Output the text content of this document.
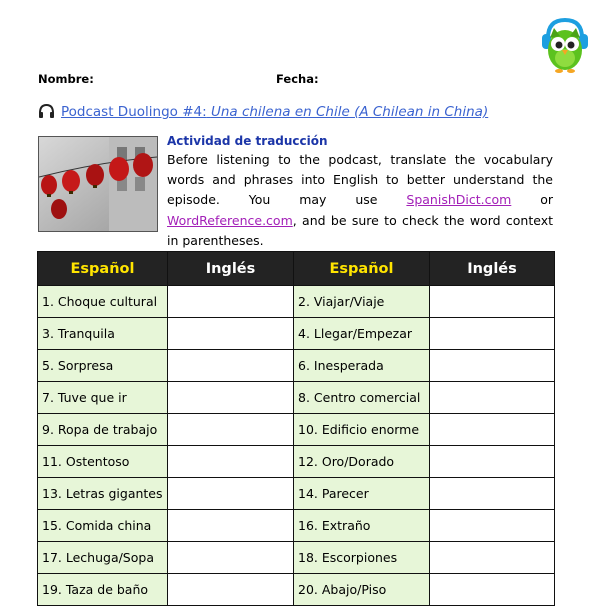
Nombre:	Fecha:
Podcast Duolingo #4: Una chilena en Chile (A Chilean in China)
Actividad de traducción
Before listening to the podcast, translate the vocabulary words and phrases into English to better understand the episode. You may use SpanishDict.com or WordReference.com, and be sure to check the word context in parentheses.
Español	Inglés	Español	Inglés
1. Choque cultural		2. Viajar/Viaje	
3. Tranquila		4. Llegar/Empezar	
5. Sorpresa		6. Inesperada	
7. Tuve que ir		8. Centro comercial	
9. Ropa de trabajo		10. Edificio enorme	
11. Ostentoso		12. Oro/Dorado	
13. Letras gigantes		14. Parecer	
15. Comida china		16. Extraño	
17. Lechuga/Sopa		18. Escorpiones	
19. Taza de baño		20. Abajo/Piso	
